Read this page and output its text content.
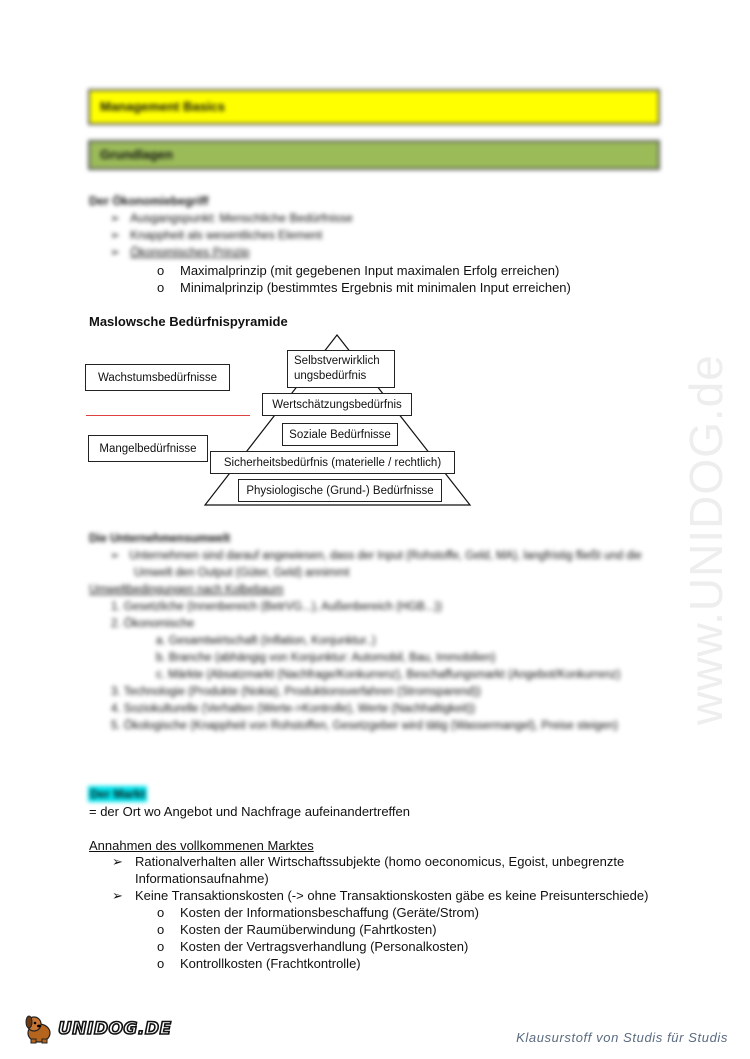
Management Basics
Grundlagen
Der Ökonomiebegriff
➢   Ausgangspunkt: Menschliche Bedürfnisse
➢   Knappheit als wesentliches Element
➢   Ökonomisches Prinzip
o Maximalprinzip (mit gegebenen Input maximalen Erfolg erreichen)
o Minimalprinzip (bestimmtes Ergebnis mit minimalen Input erreichen)
Maslowsche Bedürfnispyramide
Selbstverwirklich ungsbedürfnis
Wertschätzungsbedürfnis
Soziale Bedürfnisse
Sicherheitsbedürfnis (materielle / rechtlich)
Physiologische (Grund-) Bedürfnisse
Wachstumsbedürfnisse
Mangelbedürfnisse
Die Unternehmensumwelt
➢   Unternehmen sind darauf angewiesen, dass der Input (Rohstoffe, Geld, MA), langfristig fließt und die Umwelt den Output (Güter, Geld) annimmt
Umweltbedingungen nach Kolbebaum
1. Gesetzliche (Innenbereich (BetrVG...), Außenbereich (HGB...))
2. Ökonomische
a. Gesamtwirtschaft (Inflation, Konjunktur..)
b. Branche (abhängig von Konjunktur: Automobil, Bau, Immobilien)
c. Märkte (Absatzmarkt (Nachfrage/Konkurrenz), Beschaffungsmarkt (Angebot/Konkurrenz)
3. Technologie (Produkte (Nokia), Produktionsverfahren (Stromsparend))
4. Soziokulturelle (Verhalten (Werte->Kontrolle), Werte (Nachhaltigkeit))
5. Ökologische (Knappheit von Rohstoffen, Gesetzgeber wird tätig (Wassermangel), Preise steigen)
Der Markt
= der Ort wo Angebot und Nachfrage aufeinandertreffen
Annahmen des vollkommenen Marktes
➢ Rationalverhalten aller Wirtschaftssubjekte (homo oeconomicus, Egoist, unbegrenzte
Informationsaufnahme)
➢ Keine Transaktionskosten (-> ohne Transaktionskosten gäbe es keine Preisunterschiede)
o Kosten der Informationsbeschaffung (Geräte/Strom)
o Kosten der Raumüberwindung (Fahrtkosten)
o Kosten der Vertragsverhandlung (Personalkosten)
o Kontrollkosten (Frachtkontrolle)
www.UNIDOG.de
UNIDOG.DE	Klausurstoff von Studis für Studis
